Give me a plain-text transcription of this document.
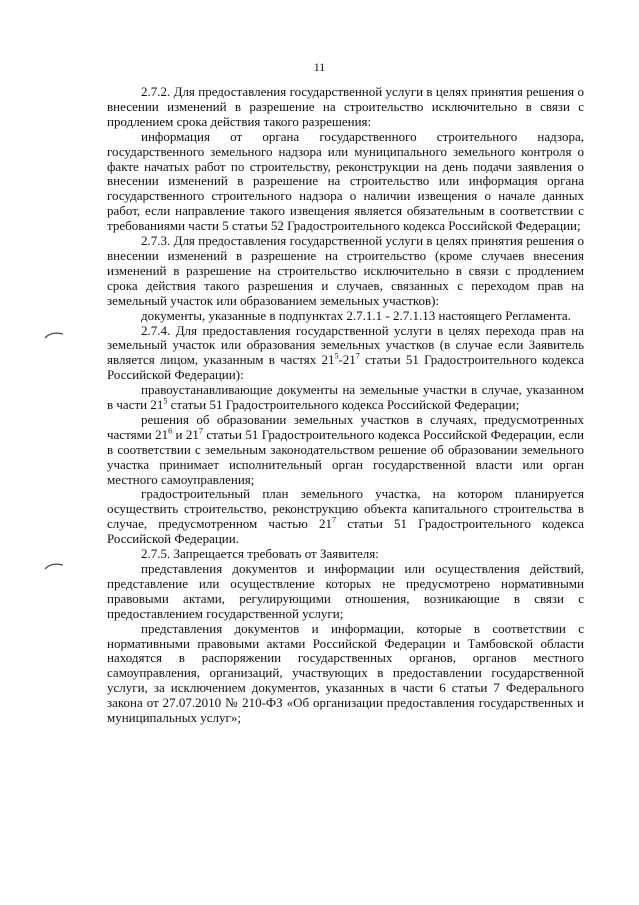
11

2.7.2. Для предоставления государственной услуги в целях принятия решения о внесении изменений в разрешение на строительство исключительно в связи с продлением срока действия такого разрешения:

информация от органа государственного строительного надзора, государственного земельного надзора или муниципального земельного контроля о факте начатых работ по строительству, реконструкции на день подачи заявления о внесении изменений в разрешение на строительство или информация органа государственного строительного надзора о наличии извещения о начале данных работ, если направление такого извещения является обязательным в соответствии с требованиями части 5 статьи 52 Градостроительного кодекса Российской Федерации;

2.7.3. Для предоставления государственной услуги в целях принятия решения о внесении изменений в разрешение на строительство (кроме случаев внесения изменений в разрешение на строительство исключительно в связи с продлением срока действия такого разрешения и случаев, связанных с переходом прав на земельный участок или образованием земельных участков):

документы, указанные в подпунктах 2.7.1.1 - 2.7.1.13 настоящего Регламента.

2.7.4. Для предоставления государственной услуги в целях перехода прав на земельный участок или образования земельных участков (в случае если Заявитель является лицом, указанным в частях $21^5-21^7$ статьи 51 Градостроительного кодекса Российской Федерации):

правоустанавливающие документы на земельные участки в случае, указанном в части $21^5$ статьи 51 Градостроительного кодекса Российской Федерации;

решения об образовании земельных участков в случаях, предусмотренных частями $21^6$ и $21^7$ статьи 51 Градостроительного кодекса Российской Федерации, если в соответствии с земельным законодательством решение об образовании земельного участка принимает исполнительный орган государственной власти или орган местного самоуправления;

градостроительный план земельного участка, на котором планируется осуществить строительство, реконструкцию объекта капитального строительства в случае, предусмотренном частью $21^7$ статьи 51 Градостроительного кодекса Российской Федерации.

2.7.5. Запрещается требовать от Заявителя:

представления документов и информации или осуществления действий, представление или осуществление которых не предусмотрено нормативными правовыми актами, регулирующими отношения, возникающие в связи с предоставлением государственной услуги;

представления документов и информации, которые в соответствии с нормативными правовыми актами Российской Федерации и Тамбовской области находятся в распоряжении государственных органов, органов местного самоуправления, организаций, участвующих в предоставлении государственной услуги, за исключением документов, указанных в части 6 статьи 7 Федерального закона от 27.07.2010 № 210-ФЗ «Об организации предоставления государственных и муниципальных услуг»;
